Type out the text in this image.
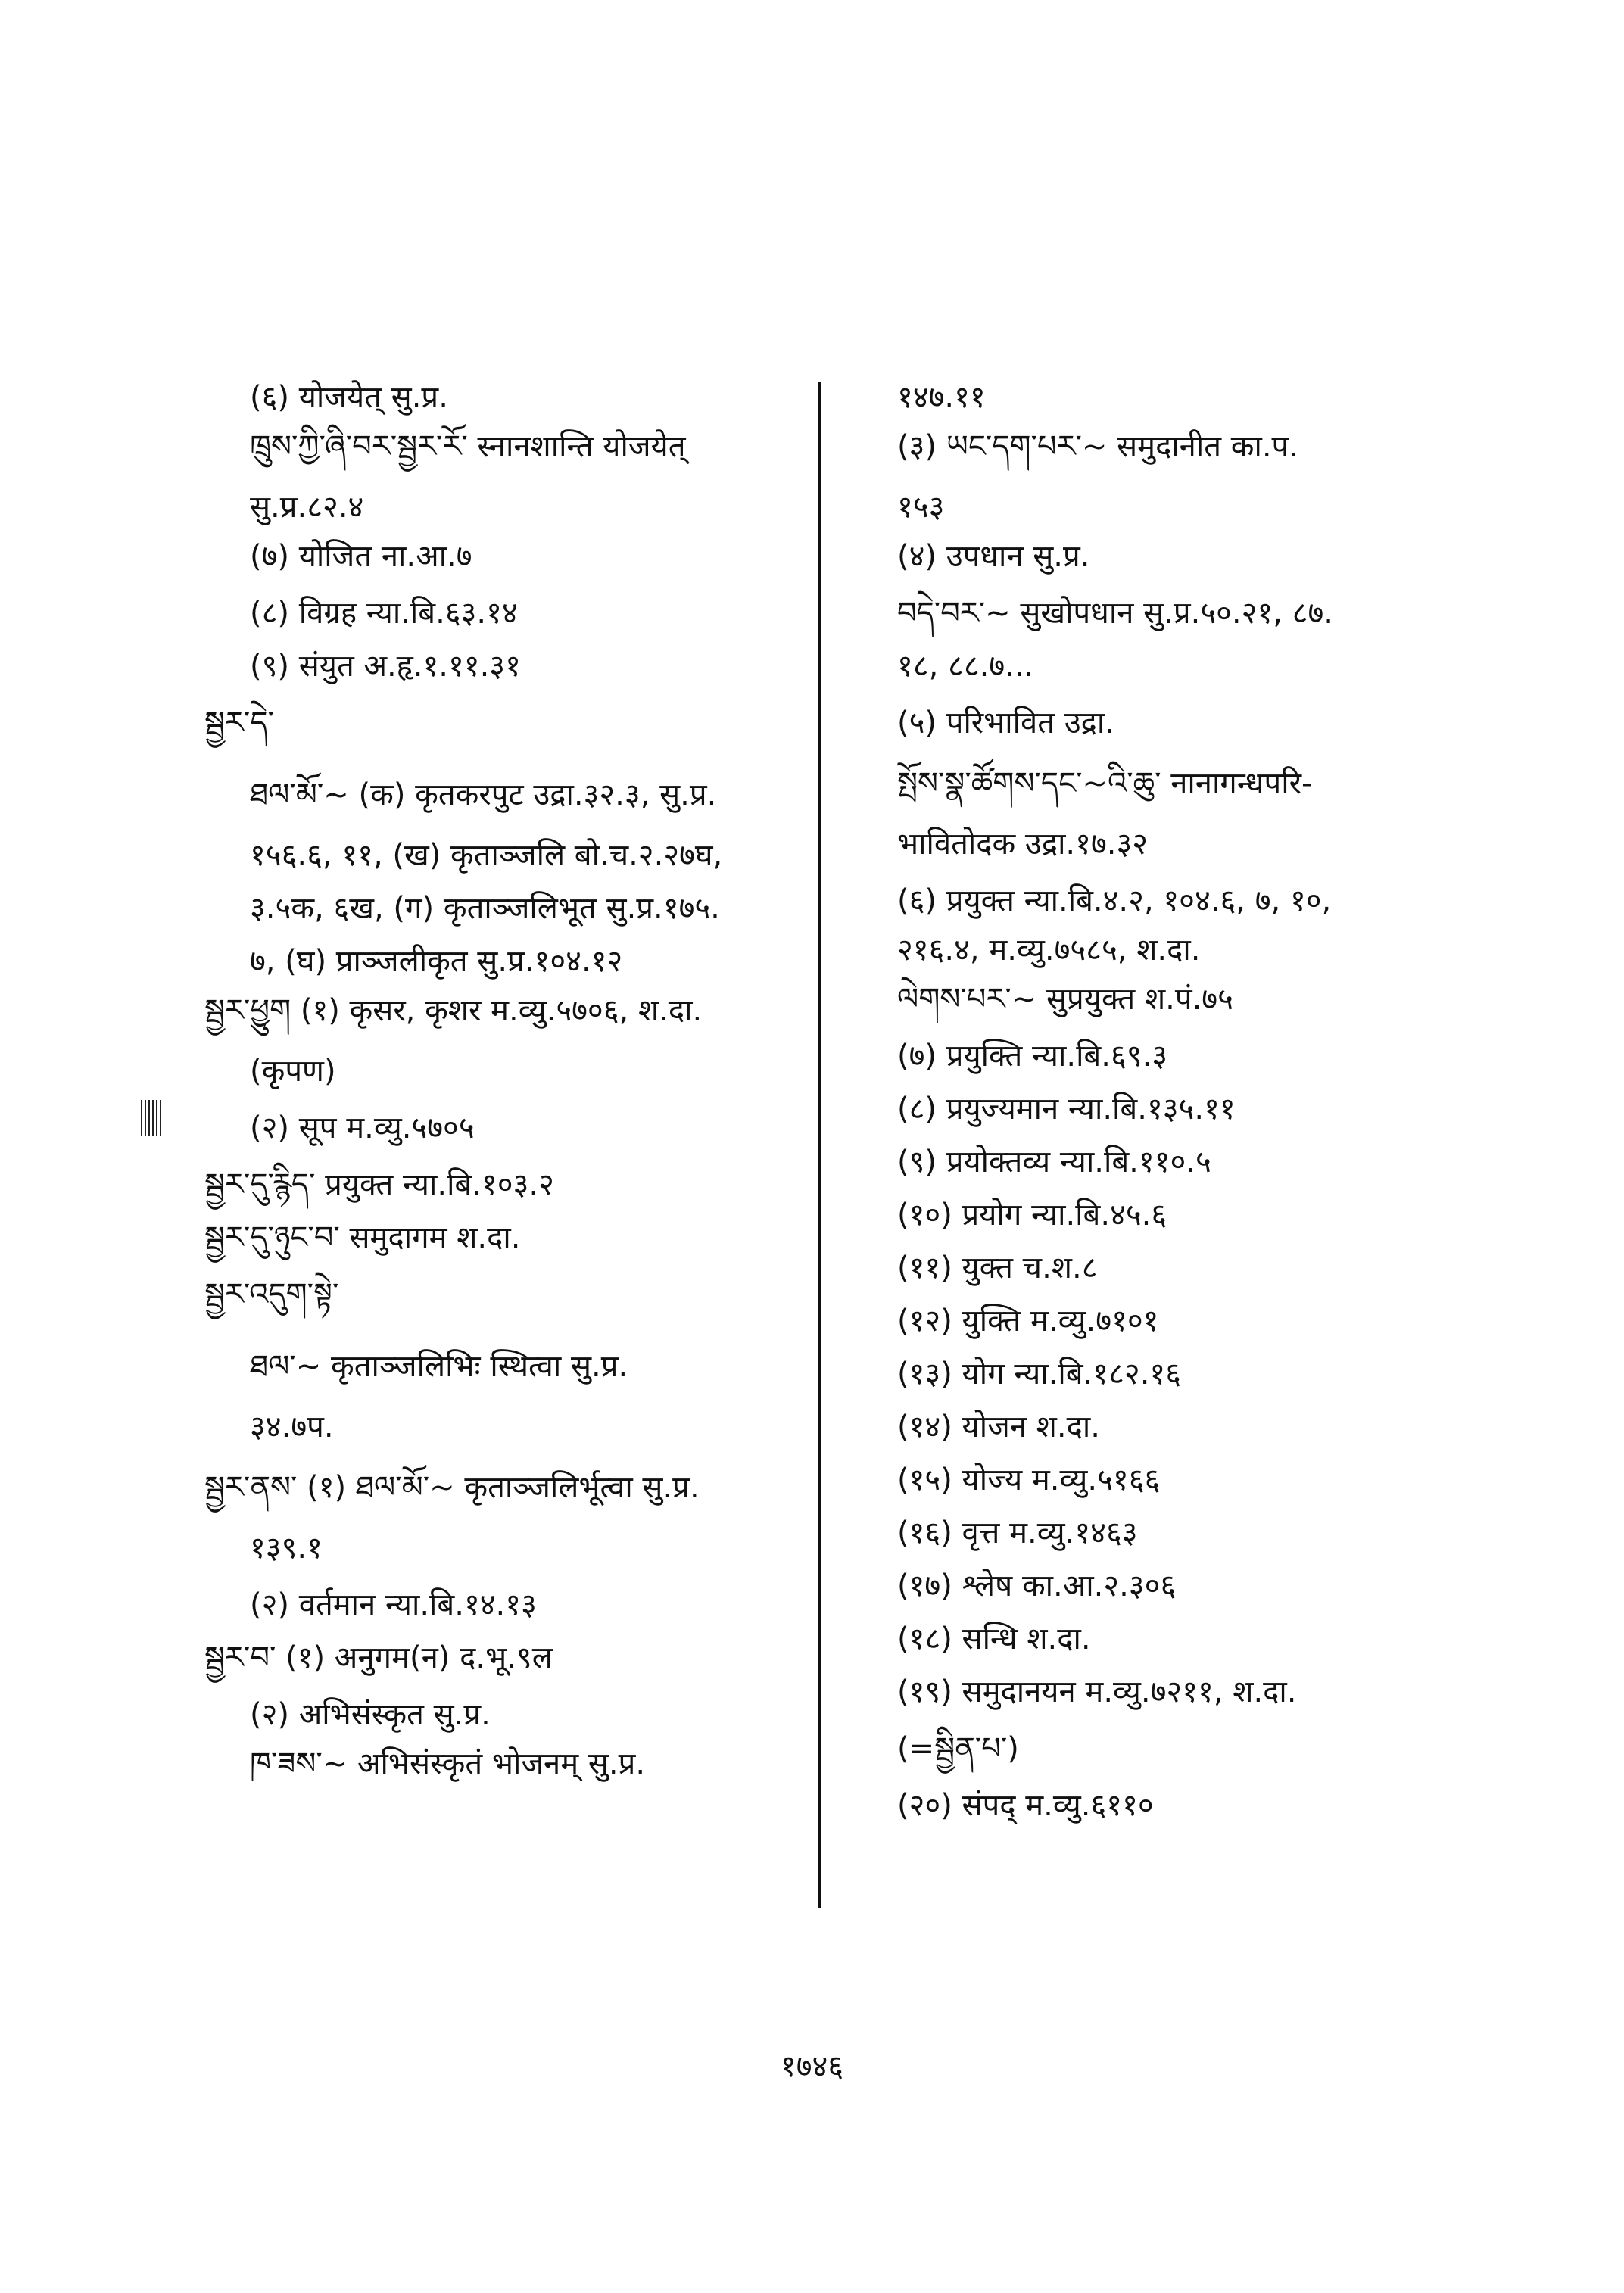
(६) योजयेत् सु.प्र.
ཁྲུས་ཀྱི་ཞི་བར་སྦྱར་རོ་ स्नानशान्ति योजयेत्
सु.प्र.८२.४
(७) योजित ना.आ.७
(८) विग्रह न्या.बि.६३.१४
(९) संयुत अ.हृ.१.११.३१
སྦྱར་དེ་
ཐལ་མོ་~ (क) कृतकरपुट उद्रा.३२.३, सु.प्र.
१५६.६, ११, (ख) कृताञ्जलि बो.च.२.२७घ,
३.५क, ६ख, (ग) कृताञ्जलिभूत सु.प्र.१७५.
७, (घ) प्राञ्जलीकृत सु.प्र.१०४.१२
སྦྱར་ཕྱུག (१) कृसर, कृशर म.व्यु.५७०६, श.दा.
(कृपण)
(२) सूप म.व्यु.५७०५
སྦྱར་དུ་རྙིད་ प्रयुक्त न्या.बि.१०३.२
སྦྱར་དུ་ཉུང་བ་ समुदागम श.दा.
སྦྱར་འདུག་སྟེ་
ཐལ་~ कृताञ्जलिभिः स्थित्वा सु.प्र.
३४.७प.
སྦྱར་ནས་ (१) ཐལ་མོ་~ कृताञ्जलिर्भूत्वा सु.प्र.
१३९.१
(२) वर्तमान न्या.बि.१४.१३
སྦྱར་བ་ (१) अनुगम(न) द.भू.९ल
(२) अभिसंस्कृत सु.प्र.
ཁ་ཟས་~ अभिसंस्कृतं भोजनम् सु.प्र.
१४७.११
(३) ཡང་དག་པར་~ समुदानीत का.प.
१५३
(४) उपधान सु.प्र.
བདེ་བར་~ सुखोपधान सु.प्र.५०.२१, ८७.
१८, ८८.७...
(५) परिभावित उद्रा.
སྤོས་སྣ་ཚོགས་དང་~འི་ཆུ་ नानागन्धपरि-
भावितोदक उद्रा.१७.३२
(६) प्रयुक्त न्या.बि.४.२, १०४.६, ७, १०,
२१६.४, म.व्यु.७५८५, श.दा.
ལེགས་པར་~ सुप्रयुक्त श.पं.७५
(७) प्रयुक्ति न्या.बि.६९.३
(८) प्रयुज्यमान न्या.बि.१३५.११
(९) प्रयोक्तव्य न्या.बि.११०.५
(१०) प्रयोग न्या.बि.४५.६
(११) युक्त च.श.८
(१२) युक्ति म.व्यु.७१०१
(१३) योग न्या.बि.१८२.१६
(१४) योजन श.दा.
(१५) योज्य म.व्यु.५१६६
(१६) वृत्त म.व्यु.१४६३
(१७) श्लेष का.आ.२.३०६
(१८) सन्धि श.दा.
(१९) समुदानयन म.व्यु.७२११, श.दा.
(=སྦྱིན་པ་)
(२०) संपद् म.व्यु.६११०
१७४६
